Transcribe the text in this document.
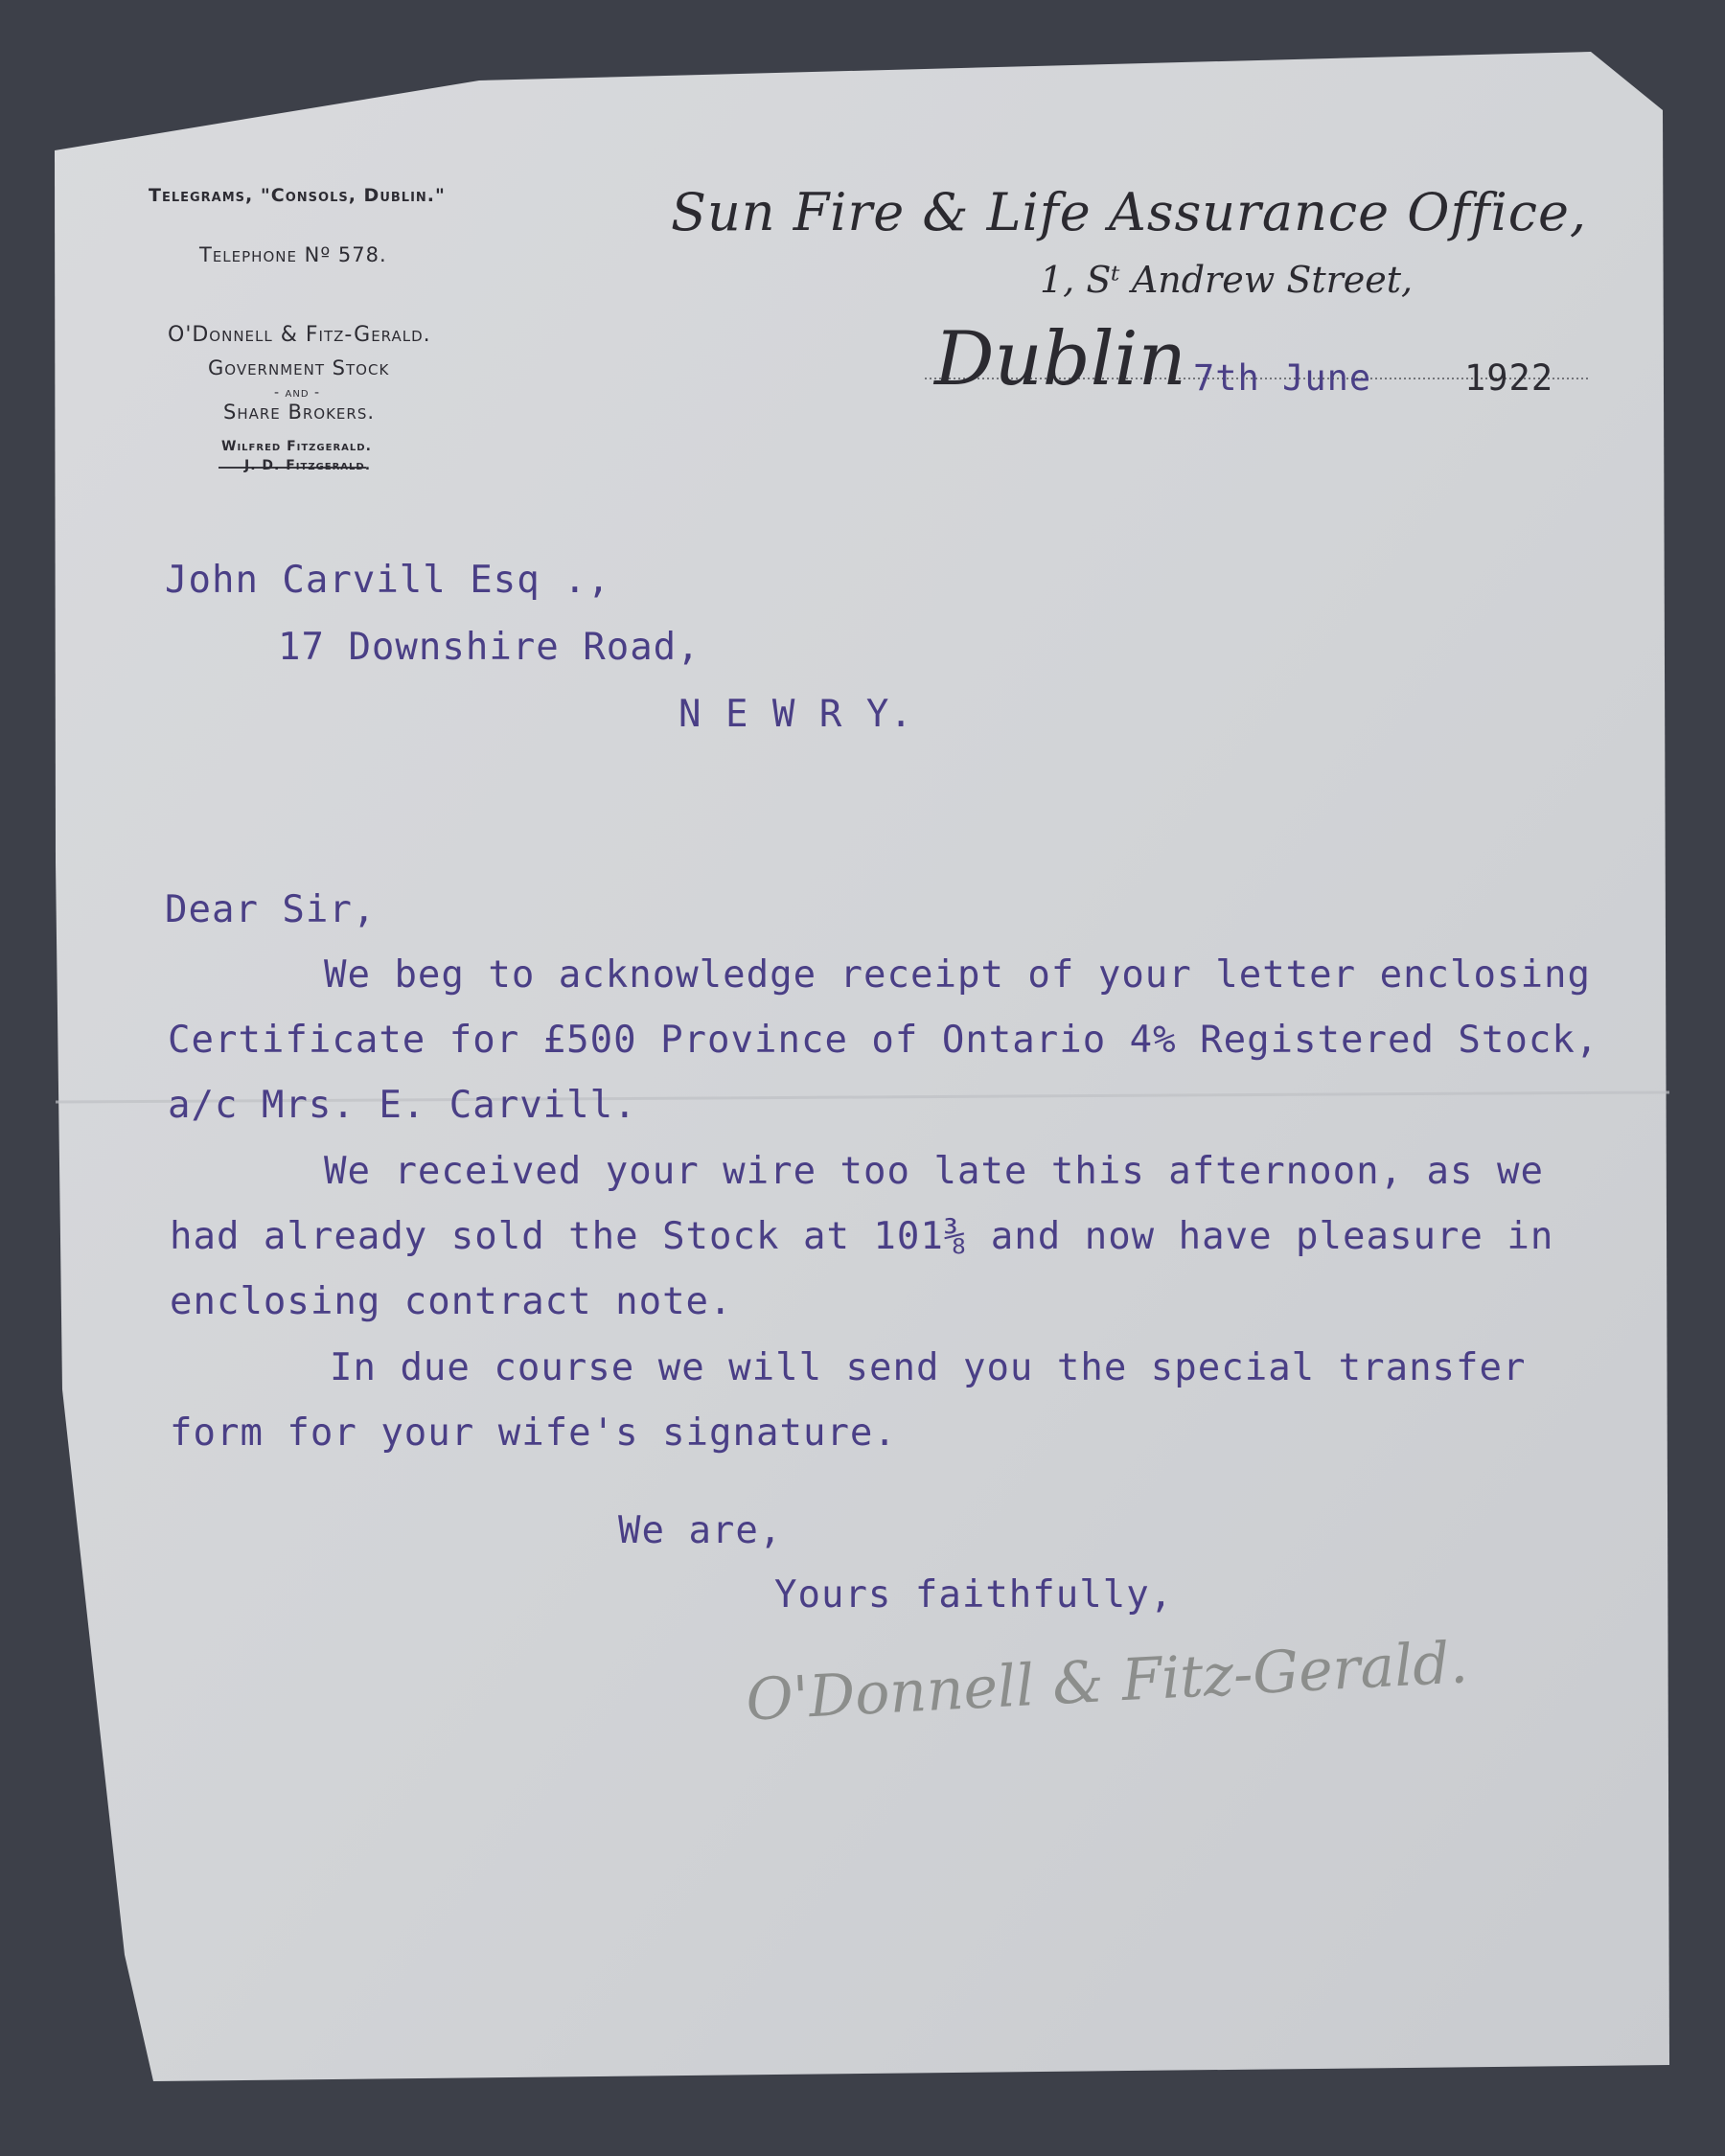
Telegrams, "Consols, Dublin."
Telephone Nº 578.
O'Donnell & Fitz-Gerald.
Government Stock
- and -
Share Brokers.
Wilfred Fitzgerald.
J. D. Fitzgerald.
Sun Fire & Life Assurance Office,
1, Sᵗ Andrew Street,
Dublin 7th June	1922
John Carvill Esq .,
17 Downshire Road,
N E W R Y.
Dear Sir,
We beg to acknowledge receipt of your letter enclosing
Certificate for £500 Province of Ontario 4% Registered Stock,
a/c Mrs. E. Carvill.
We received your wire too late this afternoon, as we
had already sold the Stock at 101⅜ and now have pleasure in
enclosing contract note.
In due course we will send you the special transfer
form for your wife's signature.
We are,
Yours faithfully,
O'Donnell & Fitz-Gerald.
